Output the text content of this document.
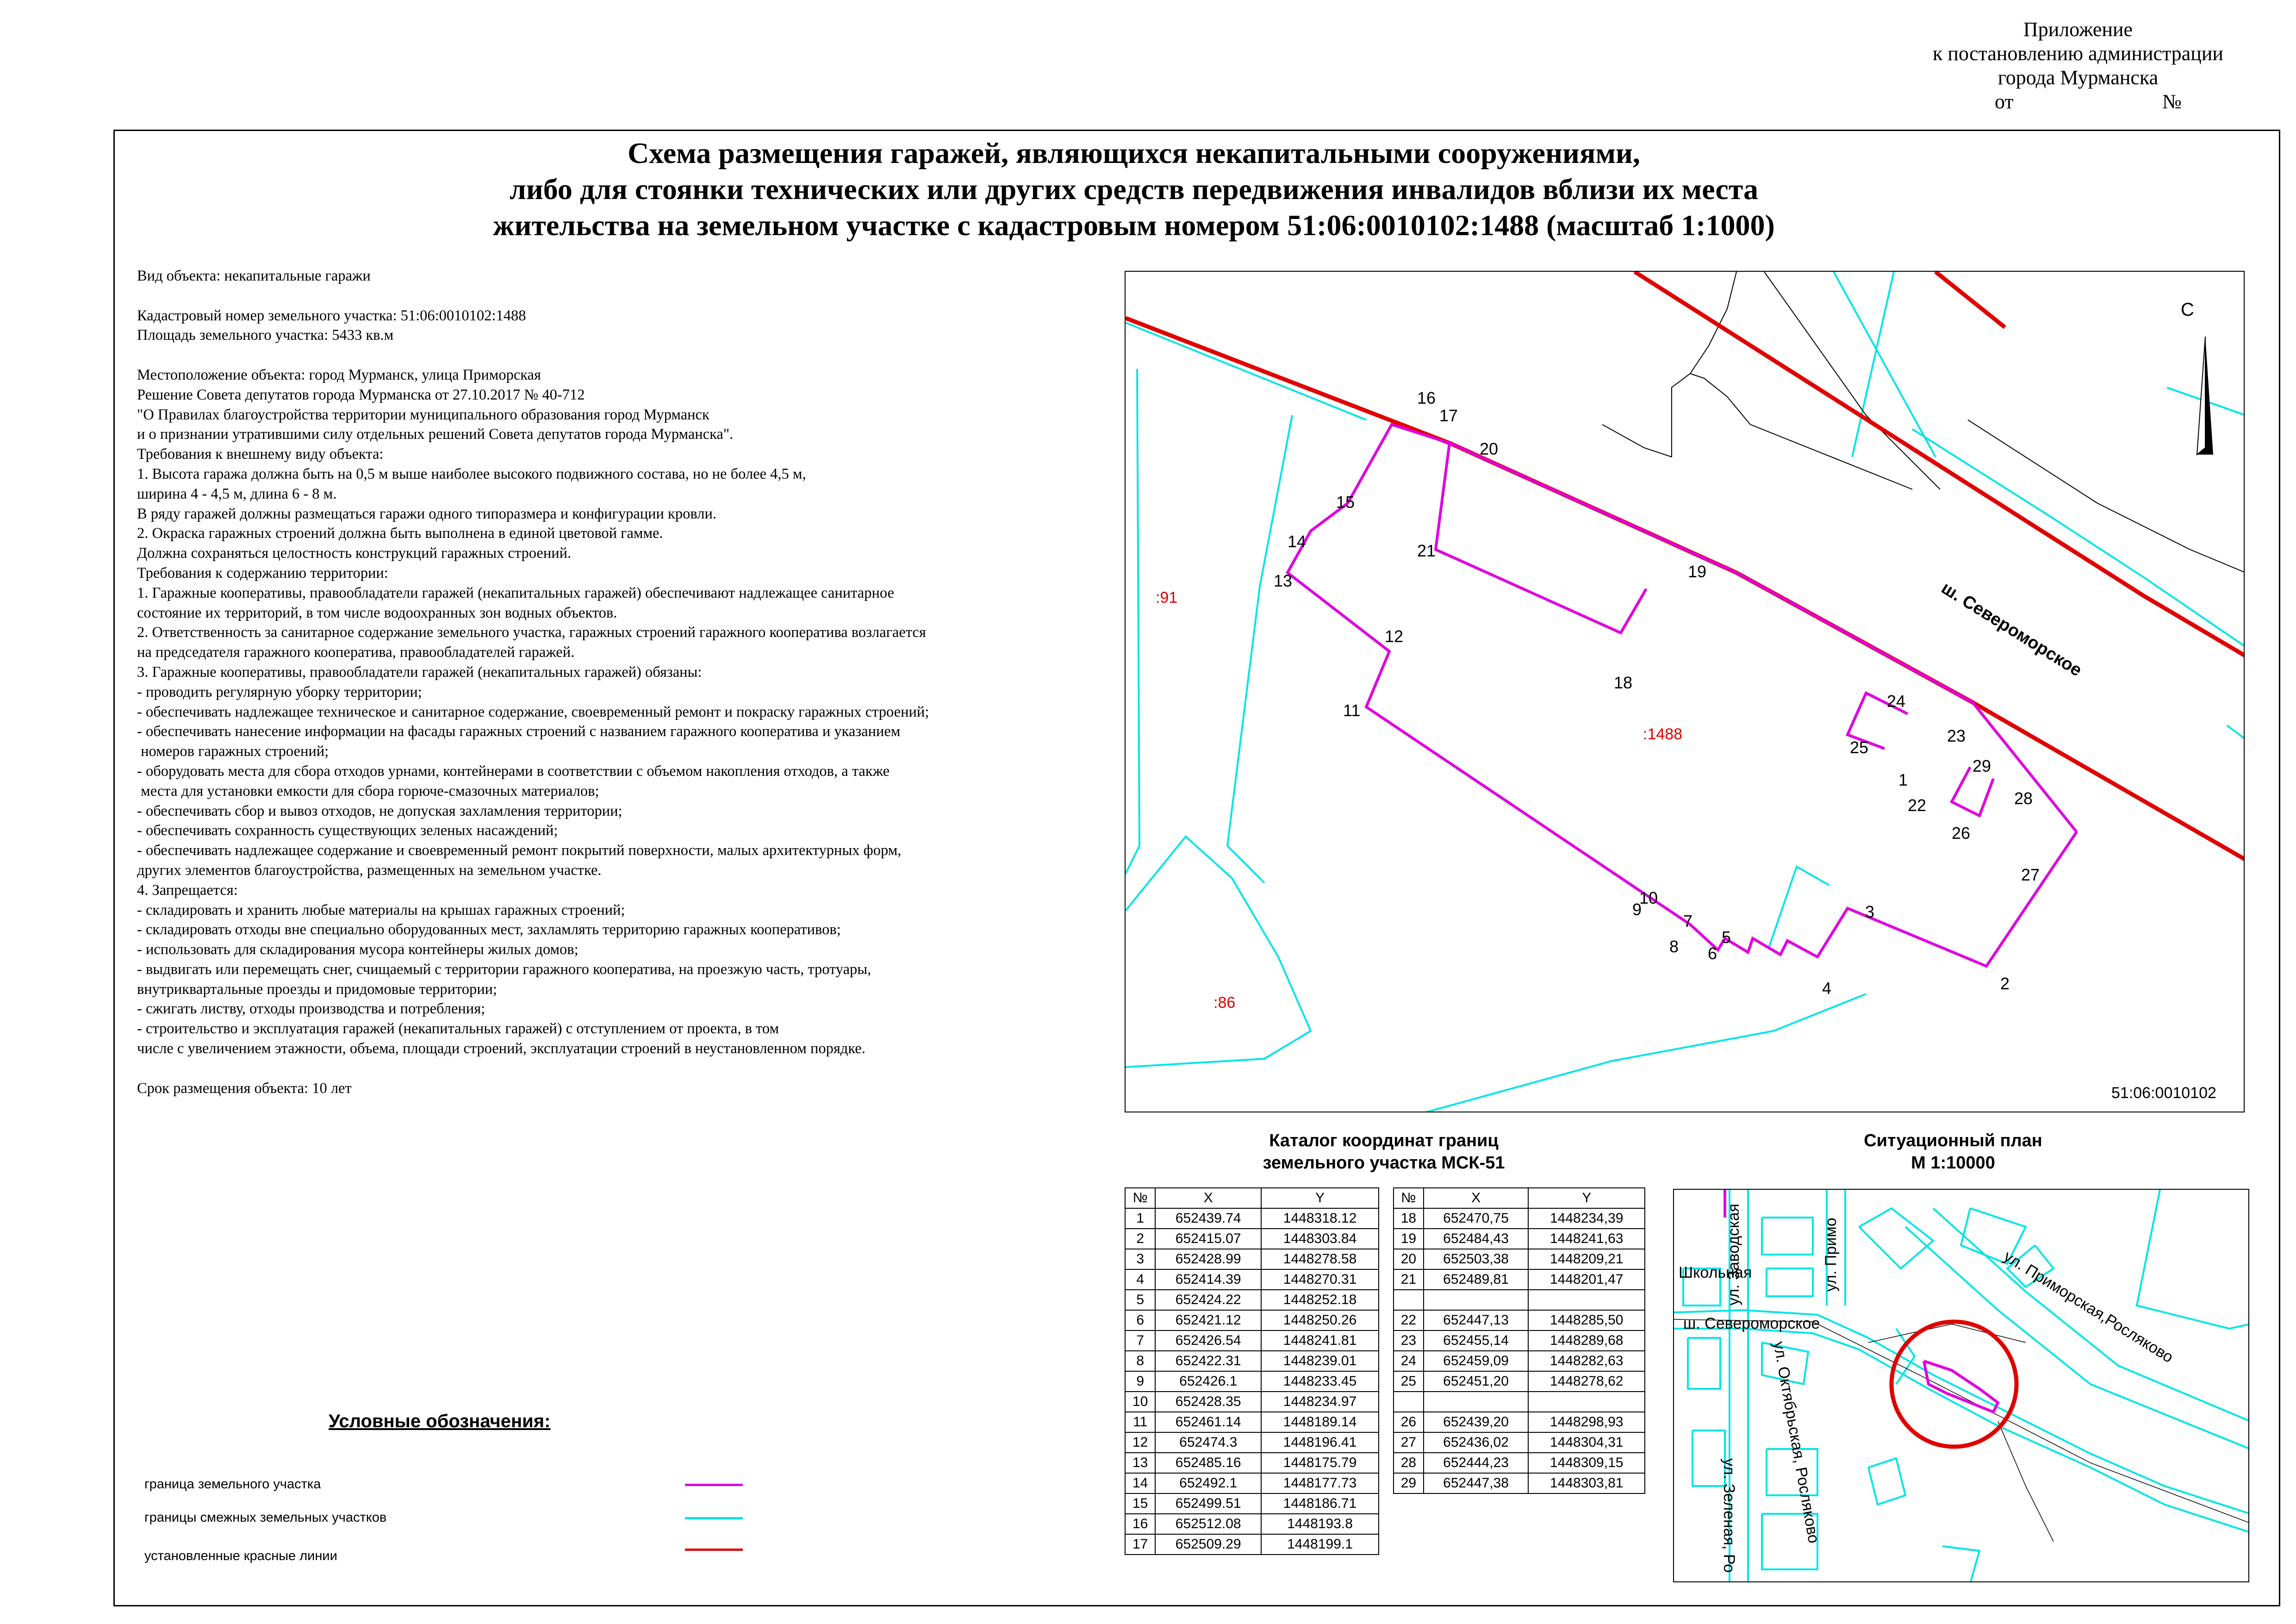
Приложение
к постановлению администрации
города Мурманска
от	№
Схема размещения гаражей, являющихся некапитальными сооружениями,
либо для стоянки технических или других средств передвижения инвалидов вблизи их места
жительства на земельном участке с кадастровым номером 51:06:0010102:1488 (масштаб 1:1000)
Вид объекта: некапитальные гаражи
Кадастровый номер земельного участка: 51:06:0010102:1488
Площадь земельного участка: 5433 кв.м
Местоположение объекта: город Мурманск, улица Приморская
Решение Совета депутатов города Мурманска от 27.10.2017 № 40-712
"О Правилах благоустройства территории муниципального образования город Мурманск
и о признании утратившими силу отдельных решений Совета депутатов города Мурманска".
Требования к внешнему виду объекта:
1. Высота гаража должна быть на 0,5 м выше наиболее высокого подвижного состава, но не более 4,5 м,
ширина 4 - 4,5 м, длина 6 - 8 м.
В ряду гаражей должны размещаться гаражи одного типоразмера и конфигурации кровли.
2. Окраска гаражных строений должна быть выполнена в единой цветовой гамме.
Должна сохраняться целостность конструкций гаражных строений.
Требования к содержанию территории:
1. Гаражные кооперативы, правообладатели гаражей (некапитальных гаражей) обеспечивают надлежащее санитарное
состояние их территорий, в том числе водоохранных зон водных объектов.
2. Ответственность за санитарное содержание земельного участка, гаражных строений гаражного кооператива возлагается
на председателя гаражного кооператива, правообладателей гаражей.
3. Гаражные кооперативы, правообладатели гаражей (некапитальных гаражей) обязаны:
- проводить регулярную уборку территории;
- обеспечивать надлежащее техническое и санитарное содержание, своевременный ремонт и покраску гаражных строений;
- обеспечивать нанесение информации на фасады гаражных строений с названием гаражного кооператива и указанием
номеров гаражных строений;
- оборудовать места для сбора отходов урнами, контейнерами в соответствии с объемом накопления отходов, а также
места для установки емкости для сбора горюче-смазочных материалов;
- обеспечивать сбор и вывоз отходов, не допуская захламления территории;
- обеспечивать сохранность существующих зеленых насаждений;
- обеспечивать надлежащее содержание и своевременный ремонт покрытий поверхности, малых архитектурных форм,
других элементов благоустройства, размещенных на земельном участке.
4. Запрещается:
- складировать и хранить любые материалы на крышах гаражных строений;
- складировать отходы вне специально оборудованных мест, захламлять территорию гаражных кооперативов;
- использовать для складирования мусора контейнеры жилых домов;
- выдвигать или перемещать снег, счищаемый с территории гаражного кооператива, на проезжую часть, тротуары,
внутриквартальные проезды и придомовые территории;
- сжигать листву, отходы производства и потребления;
- строительство и эксплуатация гаражей (некапитальных гаражей) с отступлением от проекта, в том
числе с увеличением этажности, объема, площади строений, эксплуатации строений в неустановленном порядке.
Срок размещения объекта: 10 лет
1
2
3
4
5
6
7
8
9
10
11
12
13
14
15
16
17
18
19
20
21
22
23
24
25
26
27
28
29
С
ш. Североморское
:1488
:91
:86
51:06:0010102
Каталог координат границ
земельного участка МСК-51
№	X	Y
1	652439.74	1448318.12
2	652415.07	1448303.84
3	652428.99	1448278.58
4	652414.39	1448270.31
5	652424.22	1448252.18
6	652421.12	1448250.26
7	652426.54	1448241.81
8	652422.31	1448239.01
9	652426.1	1448233.45
10	652428.35	1448234.97
11	652461.14	1448189.14
12	652474.3	1448196.41
13	652485.16	1448175.79
14	652492.1	1448177.73
15	652499.51	1448186.71
16	652512.08	1448193.8
17	652509.29	1448199.1
№	X	Y
18	652470,75	1448234,39
19	652484,43	1448241,63
20	652503,38	1448209,21
21	652489,81	1448201,47

22	652447,13	1448285,50
23	652455,14	1448289,68
24	652459,09	1448282,63
25	652451,20	1448278,62

26	652439,20	1448298,93
27	652436,02	1448304,31
28	652444,23	1448309,15
29	652447,38	1448303,81
Ситуационный план
М 1:10000
ул. Заводская	ул. Примо
Школьная	ул. Приморская,Росляково
ш. Североморское
ул. Октябрьская, Росляково
ул. Зеленая, Ро
Условные обозначения:
граница земельного участка
границы смежных земельных участков
установленные красные линии
